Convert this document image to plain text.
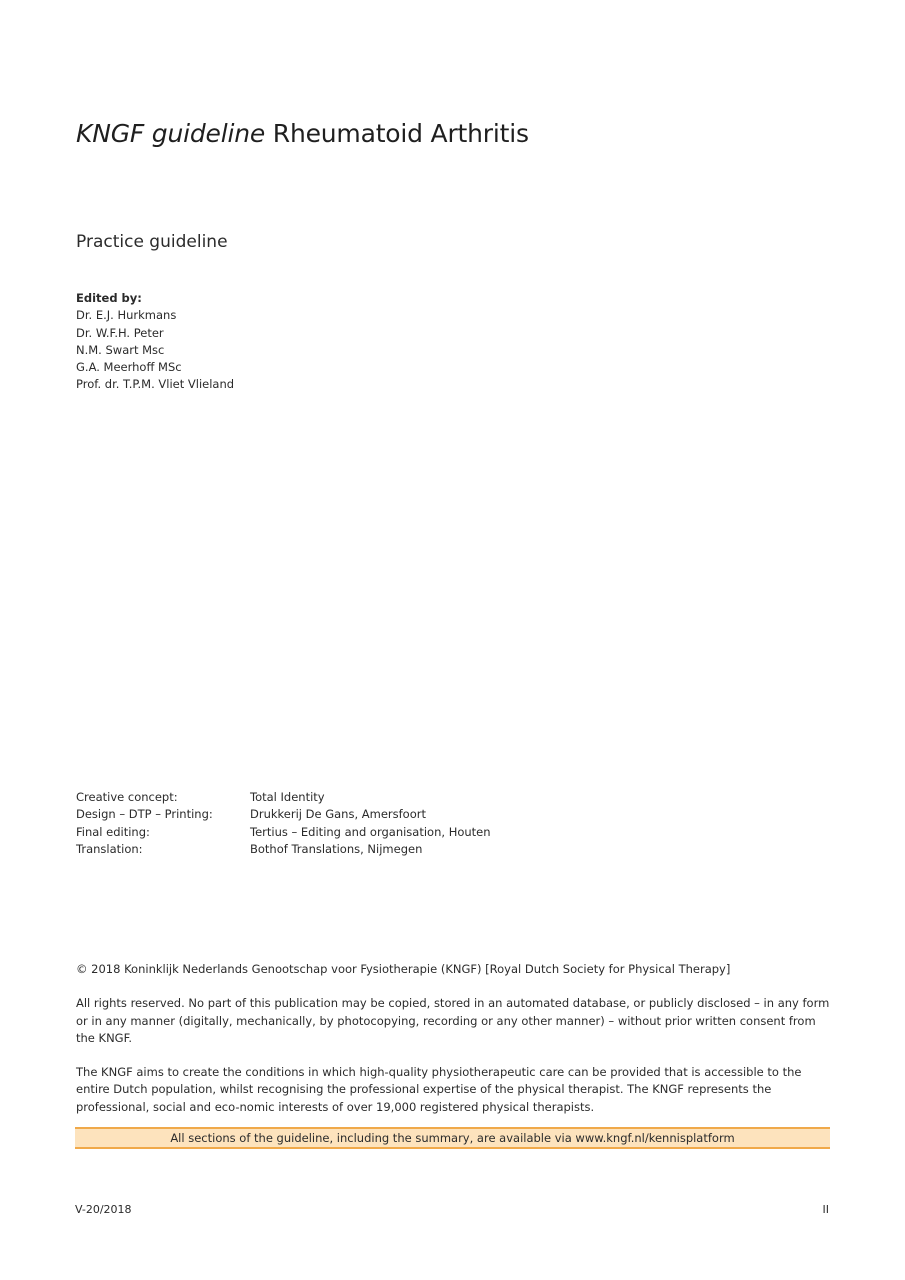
KNGF guideline Rheumatoid Arthritis
Practice guideline
Edited by:
Dr. E.J. Hurkmans
Dr. W.F.H. Peter
N.M. Swart Msc
G.A. Meerhoff MSc
Prof. dr. T.P.M. Vliet Vlieland
Creative concept:	Total Identity
Design – DTP – Printing:	Drukkerij De Gans, Amersfoort
Final editing:	Tertius – Editing and organisation, Houten
Translation:	Bothof Translations, Nijmegen

© 2018 Koninklijk Nederlands Genootschap voor Fysiotherapie (KNGF) [Royal Dutch Society for Physical Therapy]

All rights reserved. No part of this publication may be copied, stored in an automated database, or publicly disclosed – in any form or in any manner (digitally, mechanically, by photocopying, recording or any other manner) – without prior written consent from the KNGF.

The KNGF aims to create the conditions in which high-quality physiotherapeutic care can be provided that is accessible to the entire Dutch population, whilst recognising the professional expertise of the physical therapist. The KNGF represents the professional, social and eco-nomic interests of over 19,000 registered physical therapists.

All sections of the guideline, including the summary, are available via www.kngf.nl/kennisplatform
V-20/2018	II
